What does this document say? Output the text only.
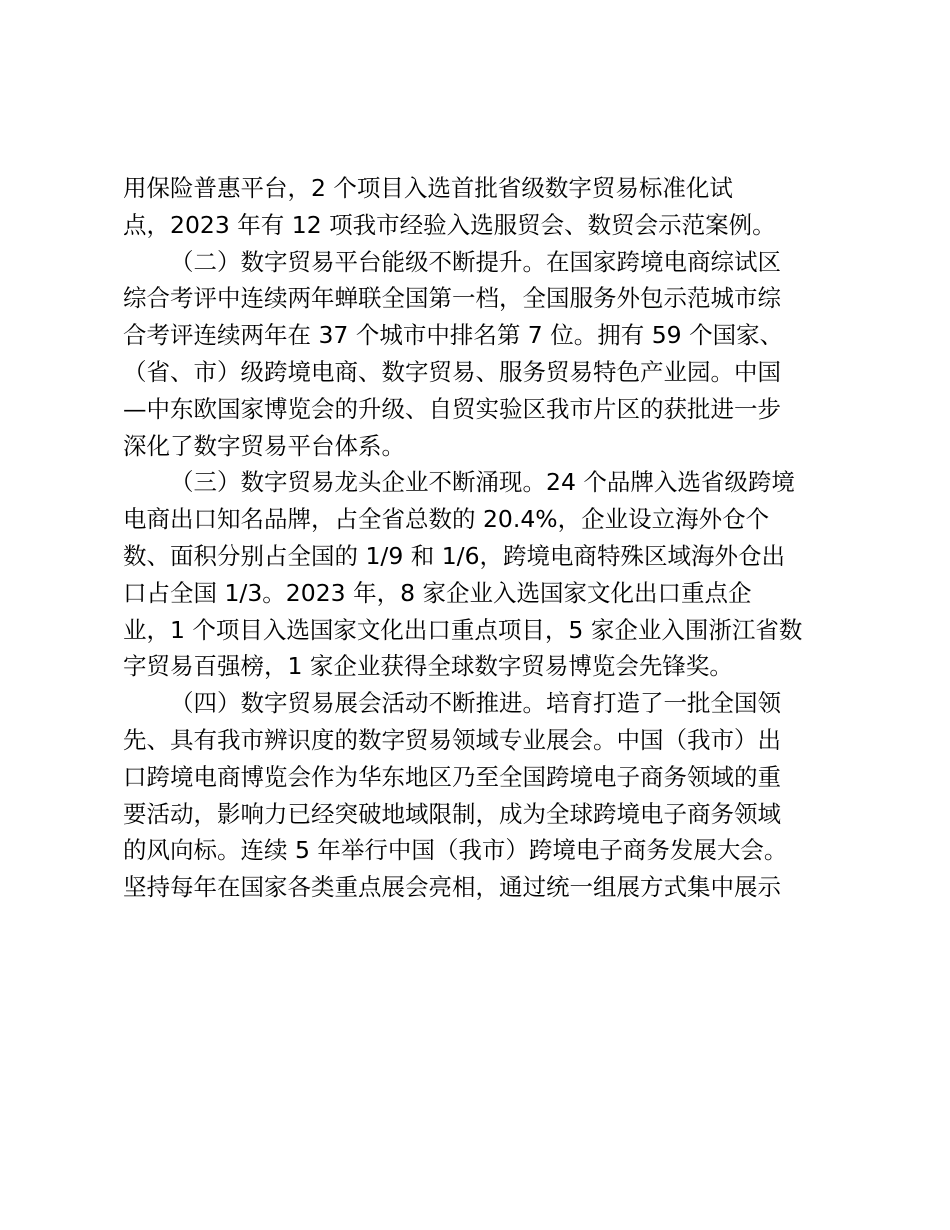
用保险普惠平台，2 个项目入选首批省级数字贸易标准化试
点，2023 年有 12 项我市经验入选服贸会、数贸会示范案例。
（二）数字贸易平台能级不断提升。在国家跨境电商综试区
综合考评中连续两年蝉联全国第一档，全国服务外包示范城市综
合考评连续两年在 37 个城市中排名第 7 位。拥有 59 个国家、
（省、市）级跨境电商、数字贸易、服务贸易特色产业园。中国
—中东欧国家博览会的升级、自贸实验区我市片区的获批进一步
深化了数字贸易平台体系。
（三）数字贸易龙头企业不断涌现。24 个品牌入选省级跨境
电商出口知名品牌，占全省总数的 20.4%，企业设立海外仓个
数、面积分别占全国的 1/9 和 1/6，跨境电商特殊区域海外仓出
口占全国 1/3。2023 年，8 家企业入选国家文化出口重点企
业，1 个项目入选国家文化出口重点项目，5 家企业入围浙江省数
字贸易百强榜，1 家企业获得全球数字贸易博览会先锋奖。
（四）数字贸易展会活动不断推进。培育打造了一批全国领
先、具有我市辨识度的数字贸易领域专业展会。中国（我市）出
口跨境电商博览会作为华东地区乃至全国跨境电子商务领域的重
要活动，影响力已经突破地域限制，成为全球跨境电子商务领域
的风向标。连续 5 年举行中国（我市）跨境电子商务发展大会。
坚持每年在国家各类重点展会亮相，通过统一组展方式集中展示
